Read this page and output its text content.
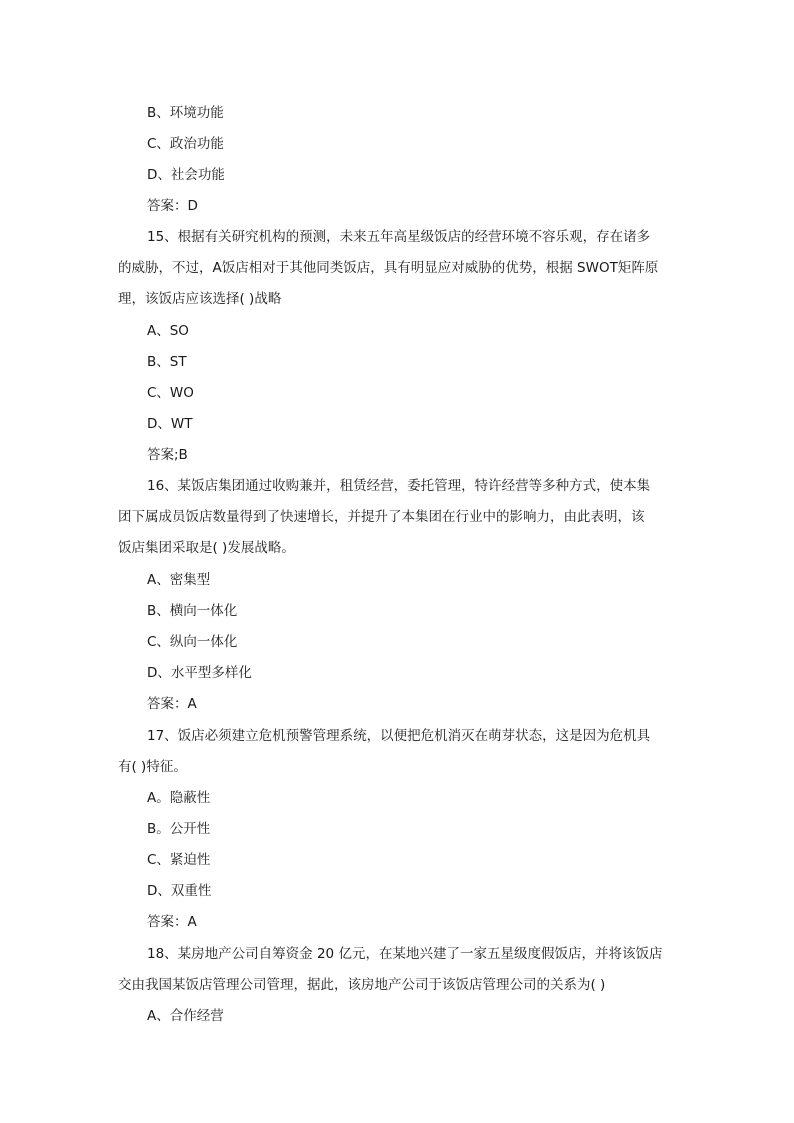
B、环境功能
C、政治功能
D、社会功能
答案：D
15、根据有关研究机构的预测，未来五年高星级饭店的经营环境不容乐观，存在诸多
的威胁，不过，A饭店相对于其他同类饭店，具有明显应对威胁的优势，根据 SWOT矩阵原
理，该饭店应该选择( )战略
A、SO
B、ST
C、WO
D、WT
答案;B
16、某饭店集团通过收购兼并，租赁经营，委托管理，特许经营等多种方式，使本集
团下属成员饭店数量得到了快速增长，并提升了本集团在行业中的影响力，由此表明，该
饭店集团采取是( )发展战略。
A、密集型
B、横向一体化
C、纵向一体化
D、水平型多样化
答案：A
17、饭店必须建立危机预警管理系统，以便把危机消灭在萌芽状态，这是因为危机具
有( )特征。
A。隐蔽性
B。公开性
C、紧迫性
D、双重性
答案：A
18、某房地产公司自筹资金 20 亿元，在某地兴建了一家五星级度假饭店，并将该饭店
交由我国某饭店管理公司管理，据此，该房地产公司于该饭店管理公司的关系为( )
A、合作经营
